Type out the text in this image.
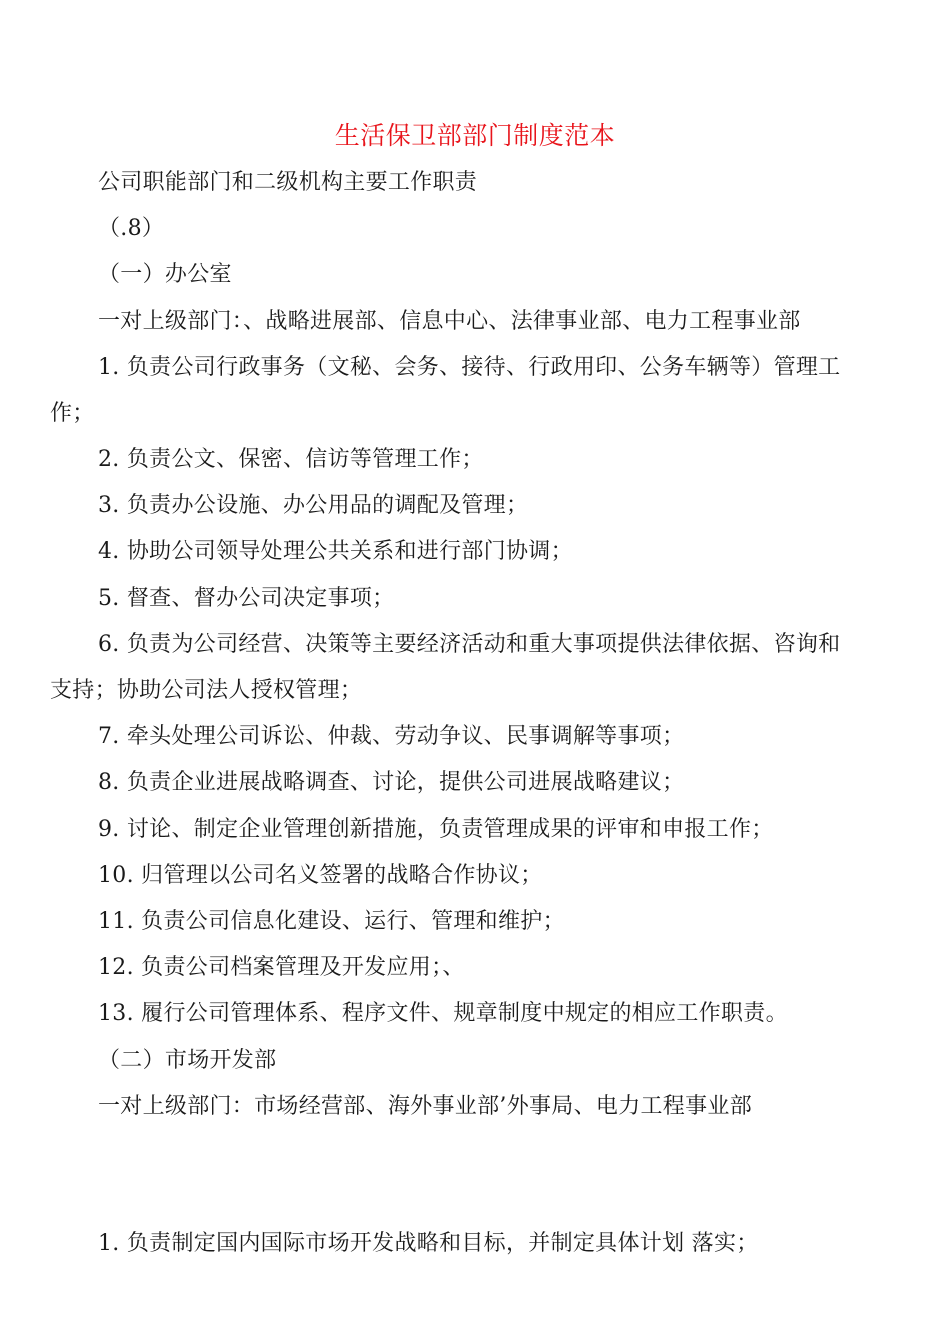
生活保卫部部门制度范本
公司职能部门和二级机构主要工作职责
（.8）
（一）办公室
一对上级部门：、战略进展部、信息中心、法律事业部、电力工程事业部
1. 负责公司行政事务（文秘、会务、接待、行政用印、公务车辆等）管理工
作；
2. 负责公文、保密、信访等管理工作；
3. 负责办公设施、办公用品的调配及管理；
4. 协助公司领导处理公共关系和进行部门协调；
5. 督查、督办公司决定事项；
6. 负责为公司经营、决策等主要经济活动和重大事项提供法律依据、咨询和
支持；协助公司法人授权管理；
7. 牵头处理公司诉讼、仲裁、劳动争议、民事调解等事项；
8. 负责企业进展战略调查、讨论，提供公司进展战略建议；
9. 讨论、制定企业管理创新措施，负责管理成果的评审和申报工作；
10. 归管理以公司名义签署的战略合作协议；
11. 负责公司信息化建设、运行、管理和维护；
12. 负责公司档案管理及开发应用；、
13. 履行公司管理体系、程序文件、规章制度中规定的相应工作职责。
（二）市场开发部
一对上级部门：市场经营部、海外事业部’外事局、电力工程事业部
1. 负责制定国内国际市场开发战略和目标，并制定具体计划 落实；
